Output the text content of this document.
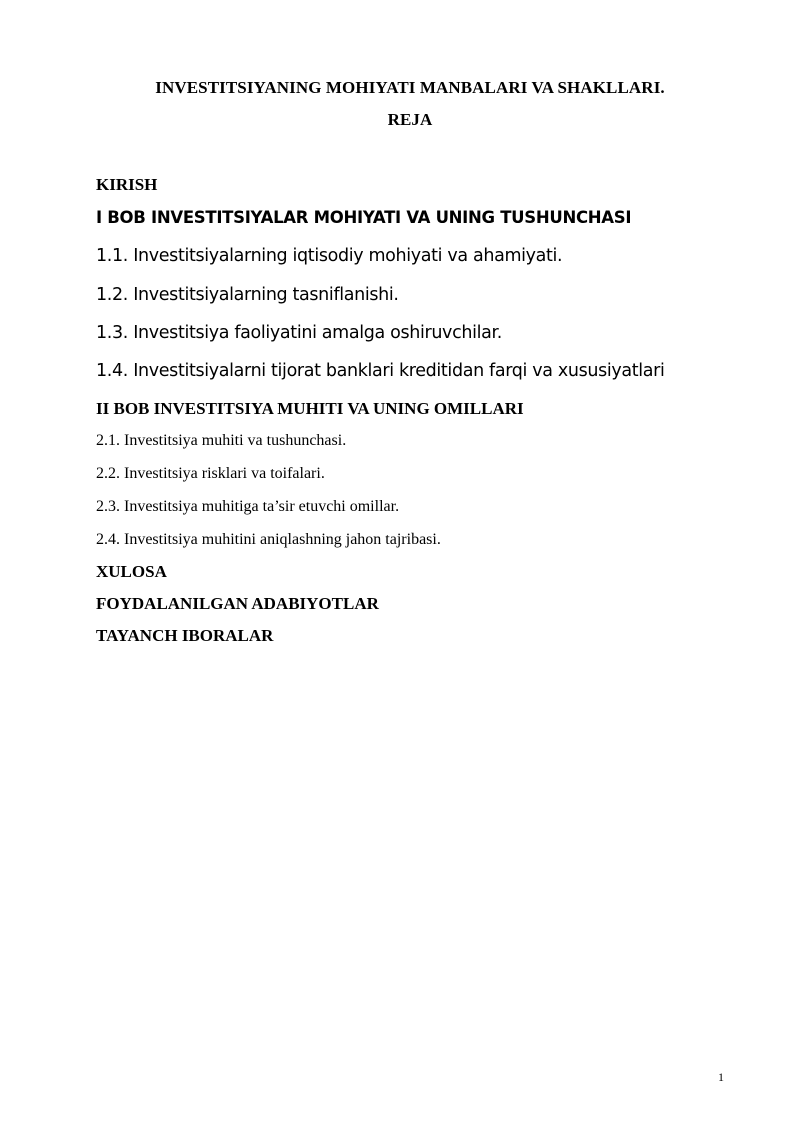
INVESTITSIYANING MOHIYATI MANBALARI VA SHAKLLARI.
REJA
KIRISH
I BOB INVESTITSIYALAR MOHIYATI VA UNING TUSHUNCHASI
1.1. Investitsiyalarning iqtisodiy mohiyati va ahamiyati.
1.2. Investitsiyalarning tasniflanishi.
1.3. Investitsiya faoliyatini amalga oshiruvchilar.
1.4. Investitsiyalarni tijorat banklari kreditidan farqi va xususiyatlari
II BOB INVESTITSIYA MUHITI VA UNING OMILLARI
2.1. Investitsiya muhiti va tushunchasi.
2.2. Investitsiya risklari va toifalari.
2.3. Investitsiya muhitiga ta’sir etuvchi omillar.
2.4. Investitsiya muhitini aniqlashning jahon tajribasi.
XULOSA
FOYDALANILGAN ADABIYOTLAR
TAYANCH IBORALAR
1
